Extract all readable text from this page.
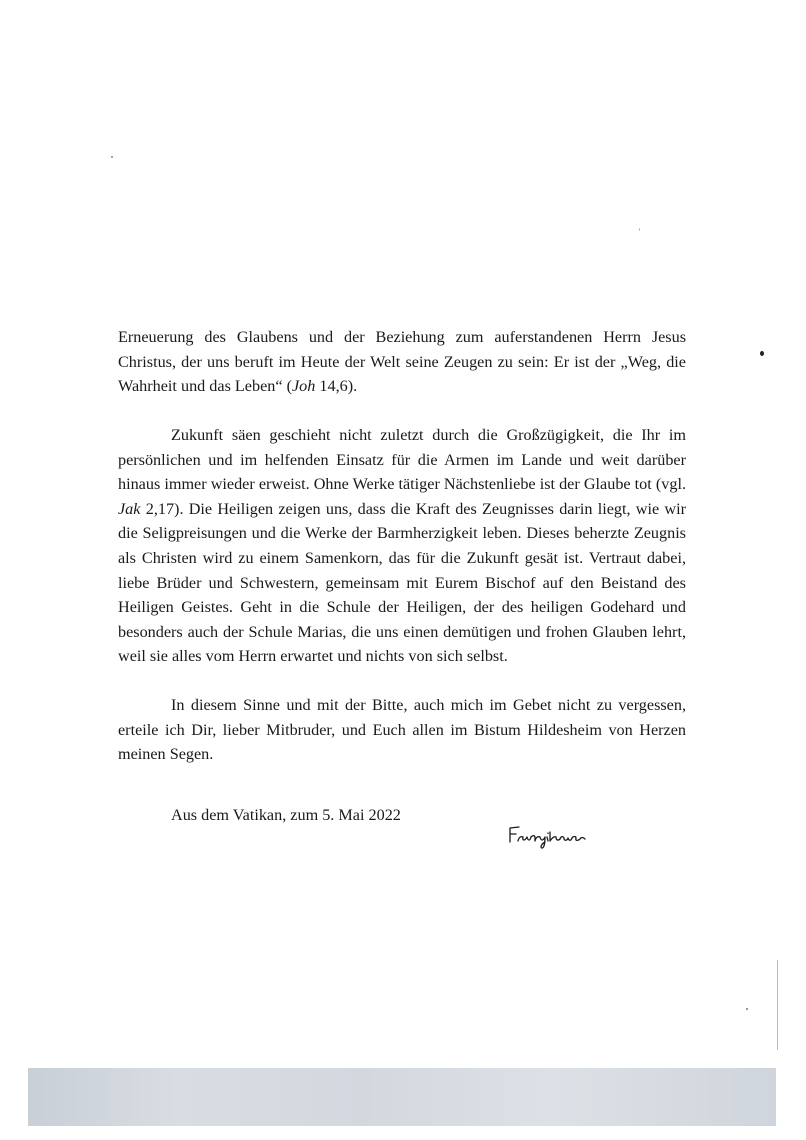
Erneuerung des Glaubens und der Beziehung zum auferstandenen Herrn Jesus Christus, der uns beruft im Heute der Welt seine Zeugen zu sein: Er ist der „Weg, die Wahrheit und das Leben“ (Joh 14,6).

Zukunft säen geschieht nicht zuletzt durch die Großzügigkeit, die Ihr im persönlichen und im helfenden Einsatz für die Armen im Lande und weit darüber hinaus immer wieder erweist. Ohne Werke tätiger Nächstenliebe ist der Glaube tot (vgl. Jak 2,17). Die Heiligen zeigen uns, dass die Kraft des Zeugnisses darin liegt, wie wir die Seligpreisungen und die Werke der Barmherzigkeit leben. Dieses beherzte Zeugnis als Christen wird zu einem Samenkorn, das für die Zukunft gesät ist. Vertraut dabei, liebe Brüder und Schwestern, gemeinsam mit Eurem Bischof auf den Beistand des Heiligen Geistes. Geht in die Schule der Heiligen, der des heiligen Godehard und besonders auch der Schule Marias, die uns einen demütigen und frohen Glauben lehrt, weil sie alles vom Herrn erwartet und nichts von sich selbst.

In diesem Sinne und mit der Bitte, auch mich im Gebet nicht zu vergessen, erteile ich Dir, lieber Mitbruder, und Euch allen im Bistum Hildesheim von Herzen meinen Segen.

Aus dem Vatikan, zum 5. Mai 2022
